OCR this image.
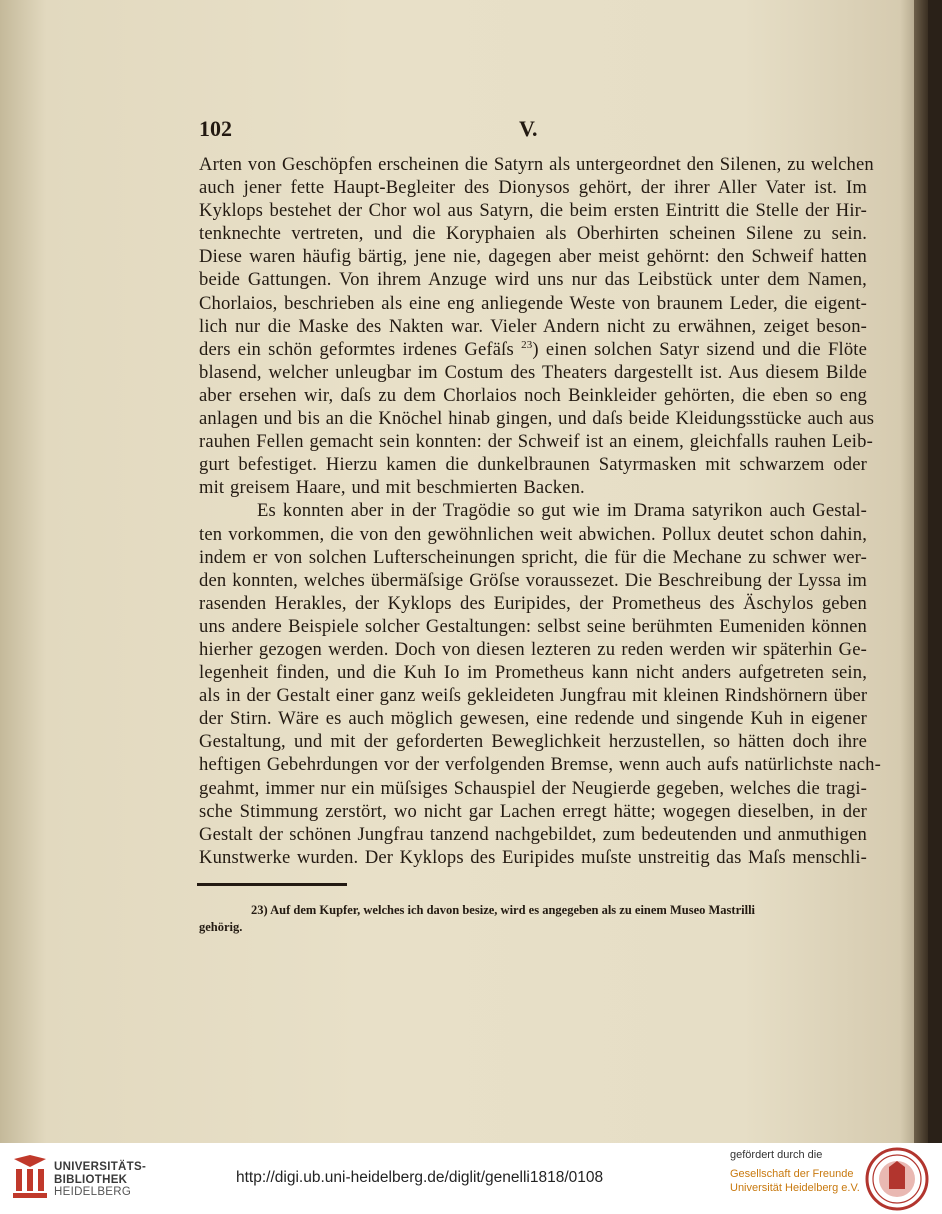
102	V.
Arten von Geschöpfen erscheinen die Satyrn als untergeordnet den Silenen, zu welchen
auch jener fette Haupt-Begleiter des Dionysos gehört, der ihrer Aller Vater ist. Im
Kyklops bestehet der Chor wol aus Satyrn, die beim ersten Eintritt die Stelle der Hir-
tenknechte vertreten, und die Koryphaien als Oberhirten scheinen Silene zu sein.
Diese waren häufig bärtig, jene nie, dagegen aber meist gehörnt: den Schweif hatten
beide Gattungen. Von ihrem Anzuge wird uns nur das Leibstück unter dem Namen,
Chorlaios, beschrieben als eine eng anliegende Weste von braunem Leder, die eigent-
lich nur die Maske des Nakten war. Vieler Andern nicht zu erwähnen, zeiget beson-
ders ein schön geformtes irdenes Gefäſs $^{23}$) einen solchen Satyr sizend und die Flöte
blasend, welcher unleugbar im Costum des Theaters dargestellt ist. Aus diesem Bilde
aber ersehen wir, daſs zu dem Chorlaios noch Beinkleider gehörten, die eben so eng
anlagen und bis an die Knöchel hinab gingen, und daſs beide Kleidungsstücke auch aus
rauhen Fellen gemacht sein konnten: der Schweif ist an einem, gleichfalls rauhen Leib-
gurt befestiget. Hierzu kamen die dunkelbraunen Satyrmasken mit schwarzem oder
mit greisem Haare, und mit beschmierten Backen.
Es konnten aber in der Tragödie so gut wie im Drama satyrikon auch Gestal-
ten vorkommen, die von den gewöhnlichen weit abwichen. Pollux deutet schon dahin,
indem er von solchen Lufterscheinungen spricht, die für die Mechane zu schwer wer-
den konnten, welches übermäſsige Gröſse voraussezet. Die Beschreibung der Lyssa im
rasenden Herakles, der Kyklops des Euripides, der Prometheus des Äschylos geben
uns andere Beispiele solcher Gestaltungen: selbst seine berühmten Eumeniden können
hierher gezogen werden. Doch von diesen lezteren zu reden werden wir späterhin Ge-
legenheit finden, und die Kuh Io im Prometheus kann nicht anders aufgetreten sein,
als in der Gestalt einer ganz weiſs gekleideten Jungfrau mit kleinen Rindshörnern über
der Stirn. Wäre es auch möglich gewesen, eine redende und singende Kuh in eigener
Gestaltung, und mit der geforderten Beweglichkeit herzustellen, so hätten doch ihre
heftigen Gebehrdungen vor der verfolgenden Bremse, wenn auch aufs natürlichste nach-
geahmt, immer nur ein müſsiges Schauspiel der Neugierde gegeben, welches die tragi-
sche Stimmung zerstört, wo nicht gar Lachen erregt hätte; wogegen dieselben, in der
Gestalt der schönen Jungfrau tanzend nachgebildet, zum bedeutenden und anmuthigen
Kunstwerke wurden. Der Kyklops des Euripides muſste unstreitig das Maſs menschli-
23) Auf dem Kupfer, welches ich davon besize, wird es angegeben als zu einem Museo Mastrilli
gehörig.
UNIVERSITÄTS-
BIBLIOTHEK
HEIDELBERG
http://digi.ub.uni-heidelberg.de/diglit/genelli1818/0108
gefördert durch die
Gesellschaft der Freunde
Universität Heidelberg e.V.
